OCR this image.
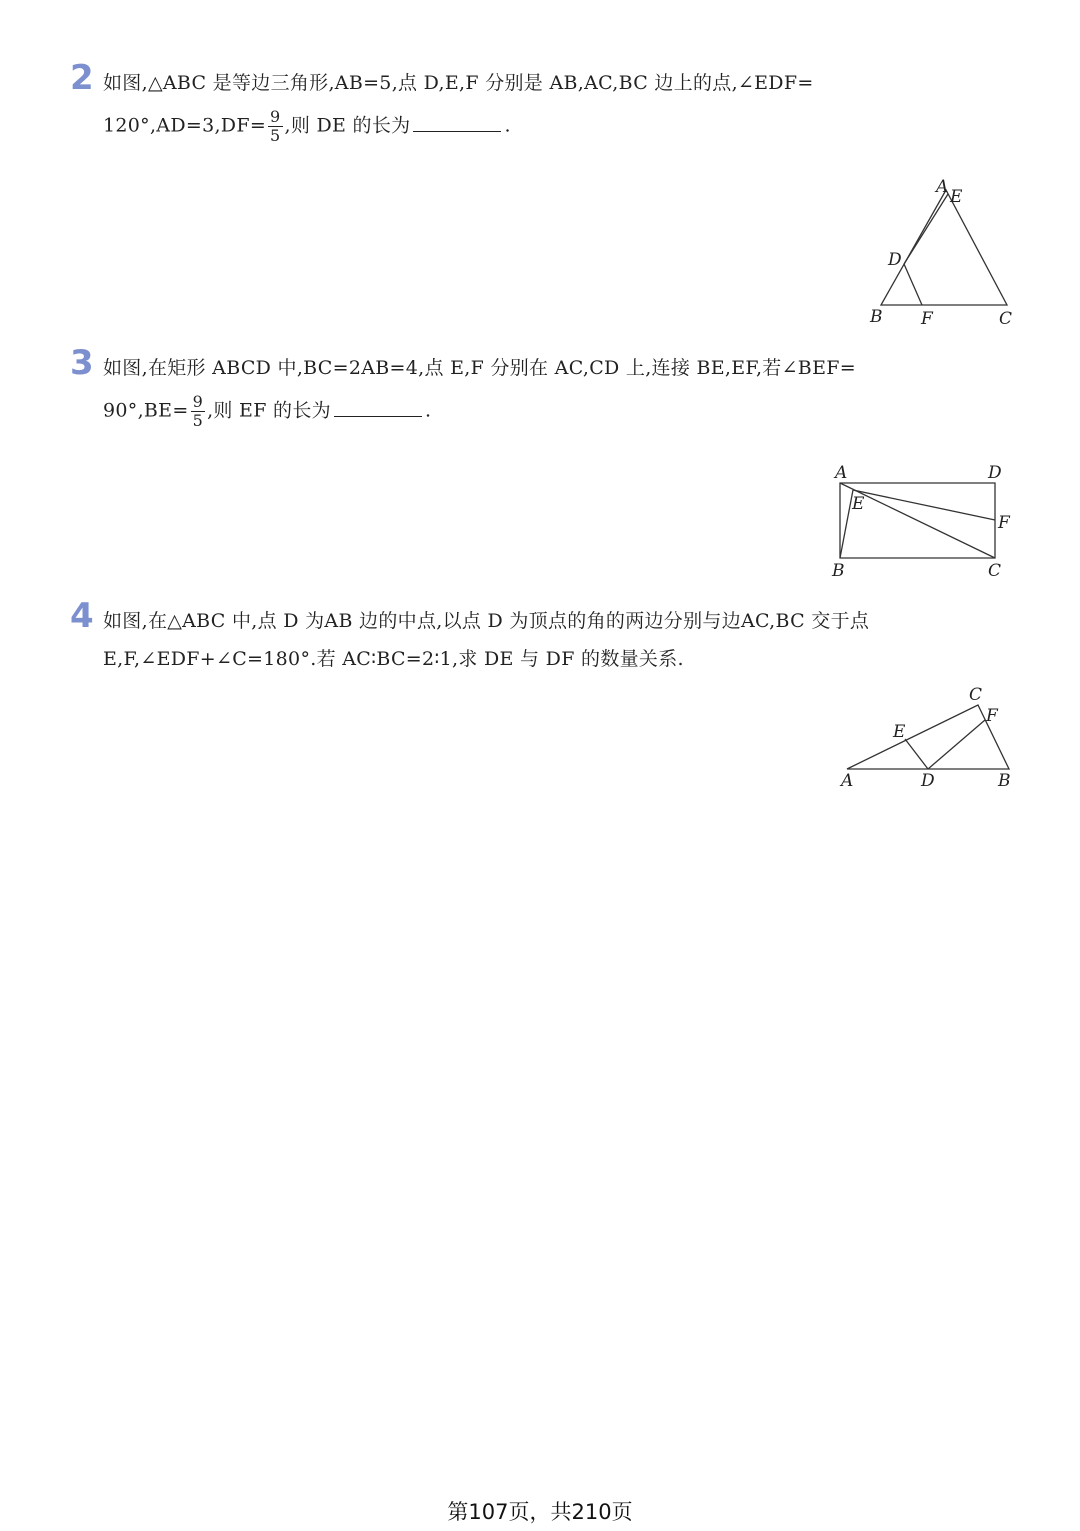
2 如图,△ABC 是等边三角形,AB=5,点 D,E,F 分别是 AB,AC,BC 边上的点,∠EDF=
$120^\circ,AD=3,DF= \frac{9}{5}$ ,则 DE 的长为	.
A E
D
B F	C
3 如图,在矩形 ABCD 中,BC=2AB=4,点 E,F 分别在 AC,CD 上,连接 BE,EF,若∠BEF=
$90^\circ,BE= \frac{9}{5}$ ,则 EF 的长为	.
A	D
E
F
B	C
4 如图,在△ABC 中,点 D 为AB 边的中点,以点 D 为顶点的角的两边分别与边AC,BC 交于点
E,F,∠EDF+∠C=180°.若 AC∶BC=2∶1,求 DE 与 DF 的数量关系.
C
F
E
A	D	B
第107页，共210页
